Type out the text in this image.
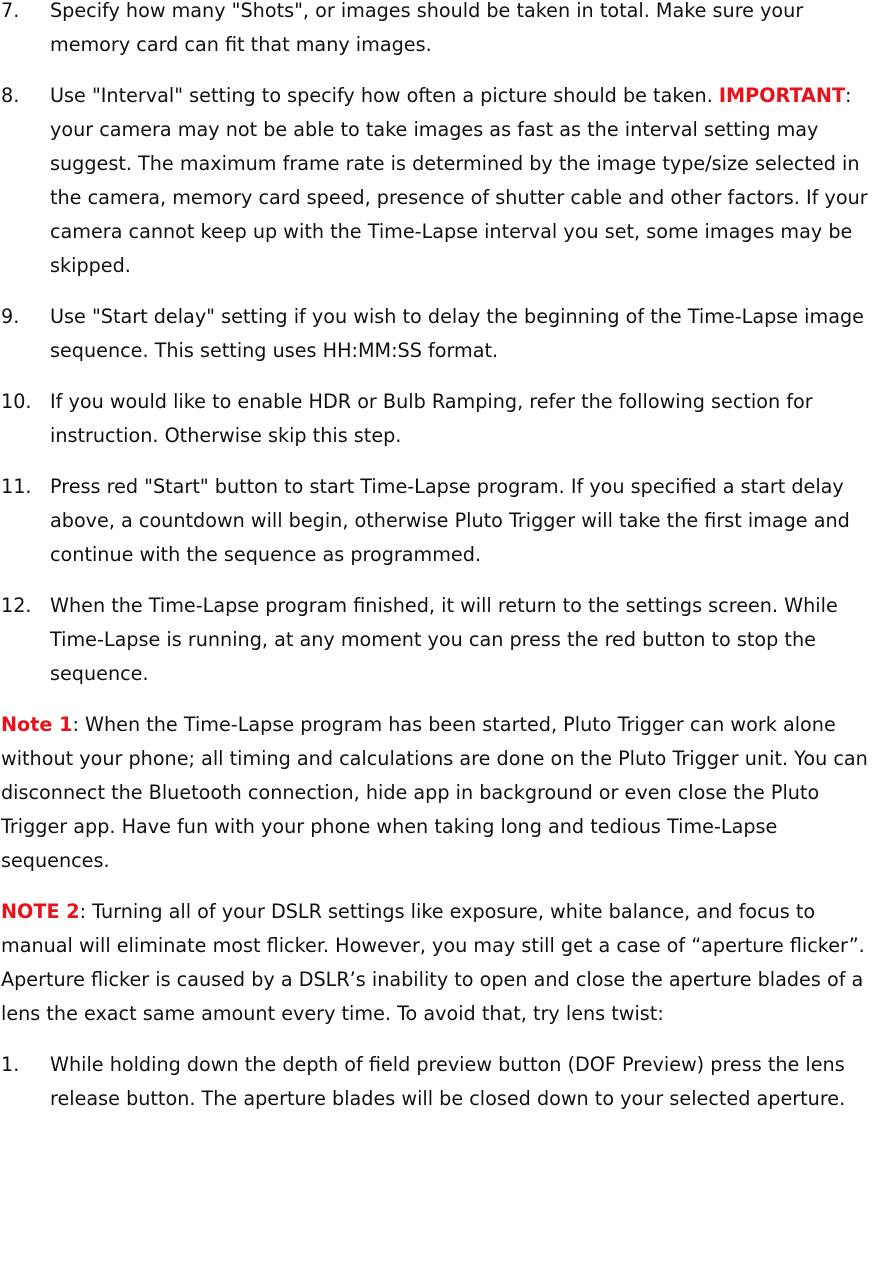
7. Specify how many "Shots", or images should be taken in total. Make sure your memory card can fit that many images.
8. Use "Interval" setting to specify how often a picture should be taken. IMPORTANT: your camera may not be able to take images as fast as the interval setting may suggest. The maximum frame rate is determined by the image type/size selected in the camera, memory card speed, presence of shutter cable and other factors. If your camera cannot keep up with the Time-Lapse interval you set, some images may be skipped.
9. Use "Start delay" setting if you wish to delay the beginning of the Time-Lapse image sequence. This setting uses HH:MM:SS format.
10. If you would like to enable HDR or Bulb Ramping, refer the following section for instruction. Otherwise skip this step.
11. Press red "Start" button to start Time-Lapse program. If you specified a start delay above, a countdown will begin, otherwise Pluto Trigger will take the first image and continue with the sequence as programmed.
12. When the Time-Lapse program finished, it will return to the settings screen. While Time-Lapse is running, at any moment you can press the red button to stop the sequence.

Note 1: When the Time-Lapse program has been started, Pluto Trigger can work alone without your phone; all timing and calculations are done on the Pluto Trigger unit. You can disconnect the Bluetooth connection, hide app in background or even close the Pluto Trigger app. Have fun with your phone when taking long and tedious Time-Lapse sequences.

NOTE 2: Turning all of your DSLR settings like exposure, white balance, and focus to manual will eliminate most flicker. However, you may still get a case of “aperture flicker”. Aperture flicker is caused by a DSLR’s inability to open and close the aperture blades of a lens the exact same amount every time. To avoid that, try lens twist:

1. While holding down the depth of field preview button (DOF Preview) press the lens release button. The aperture blades will be closed down to your selected aperture.
